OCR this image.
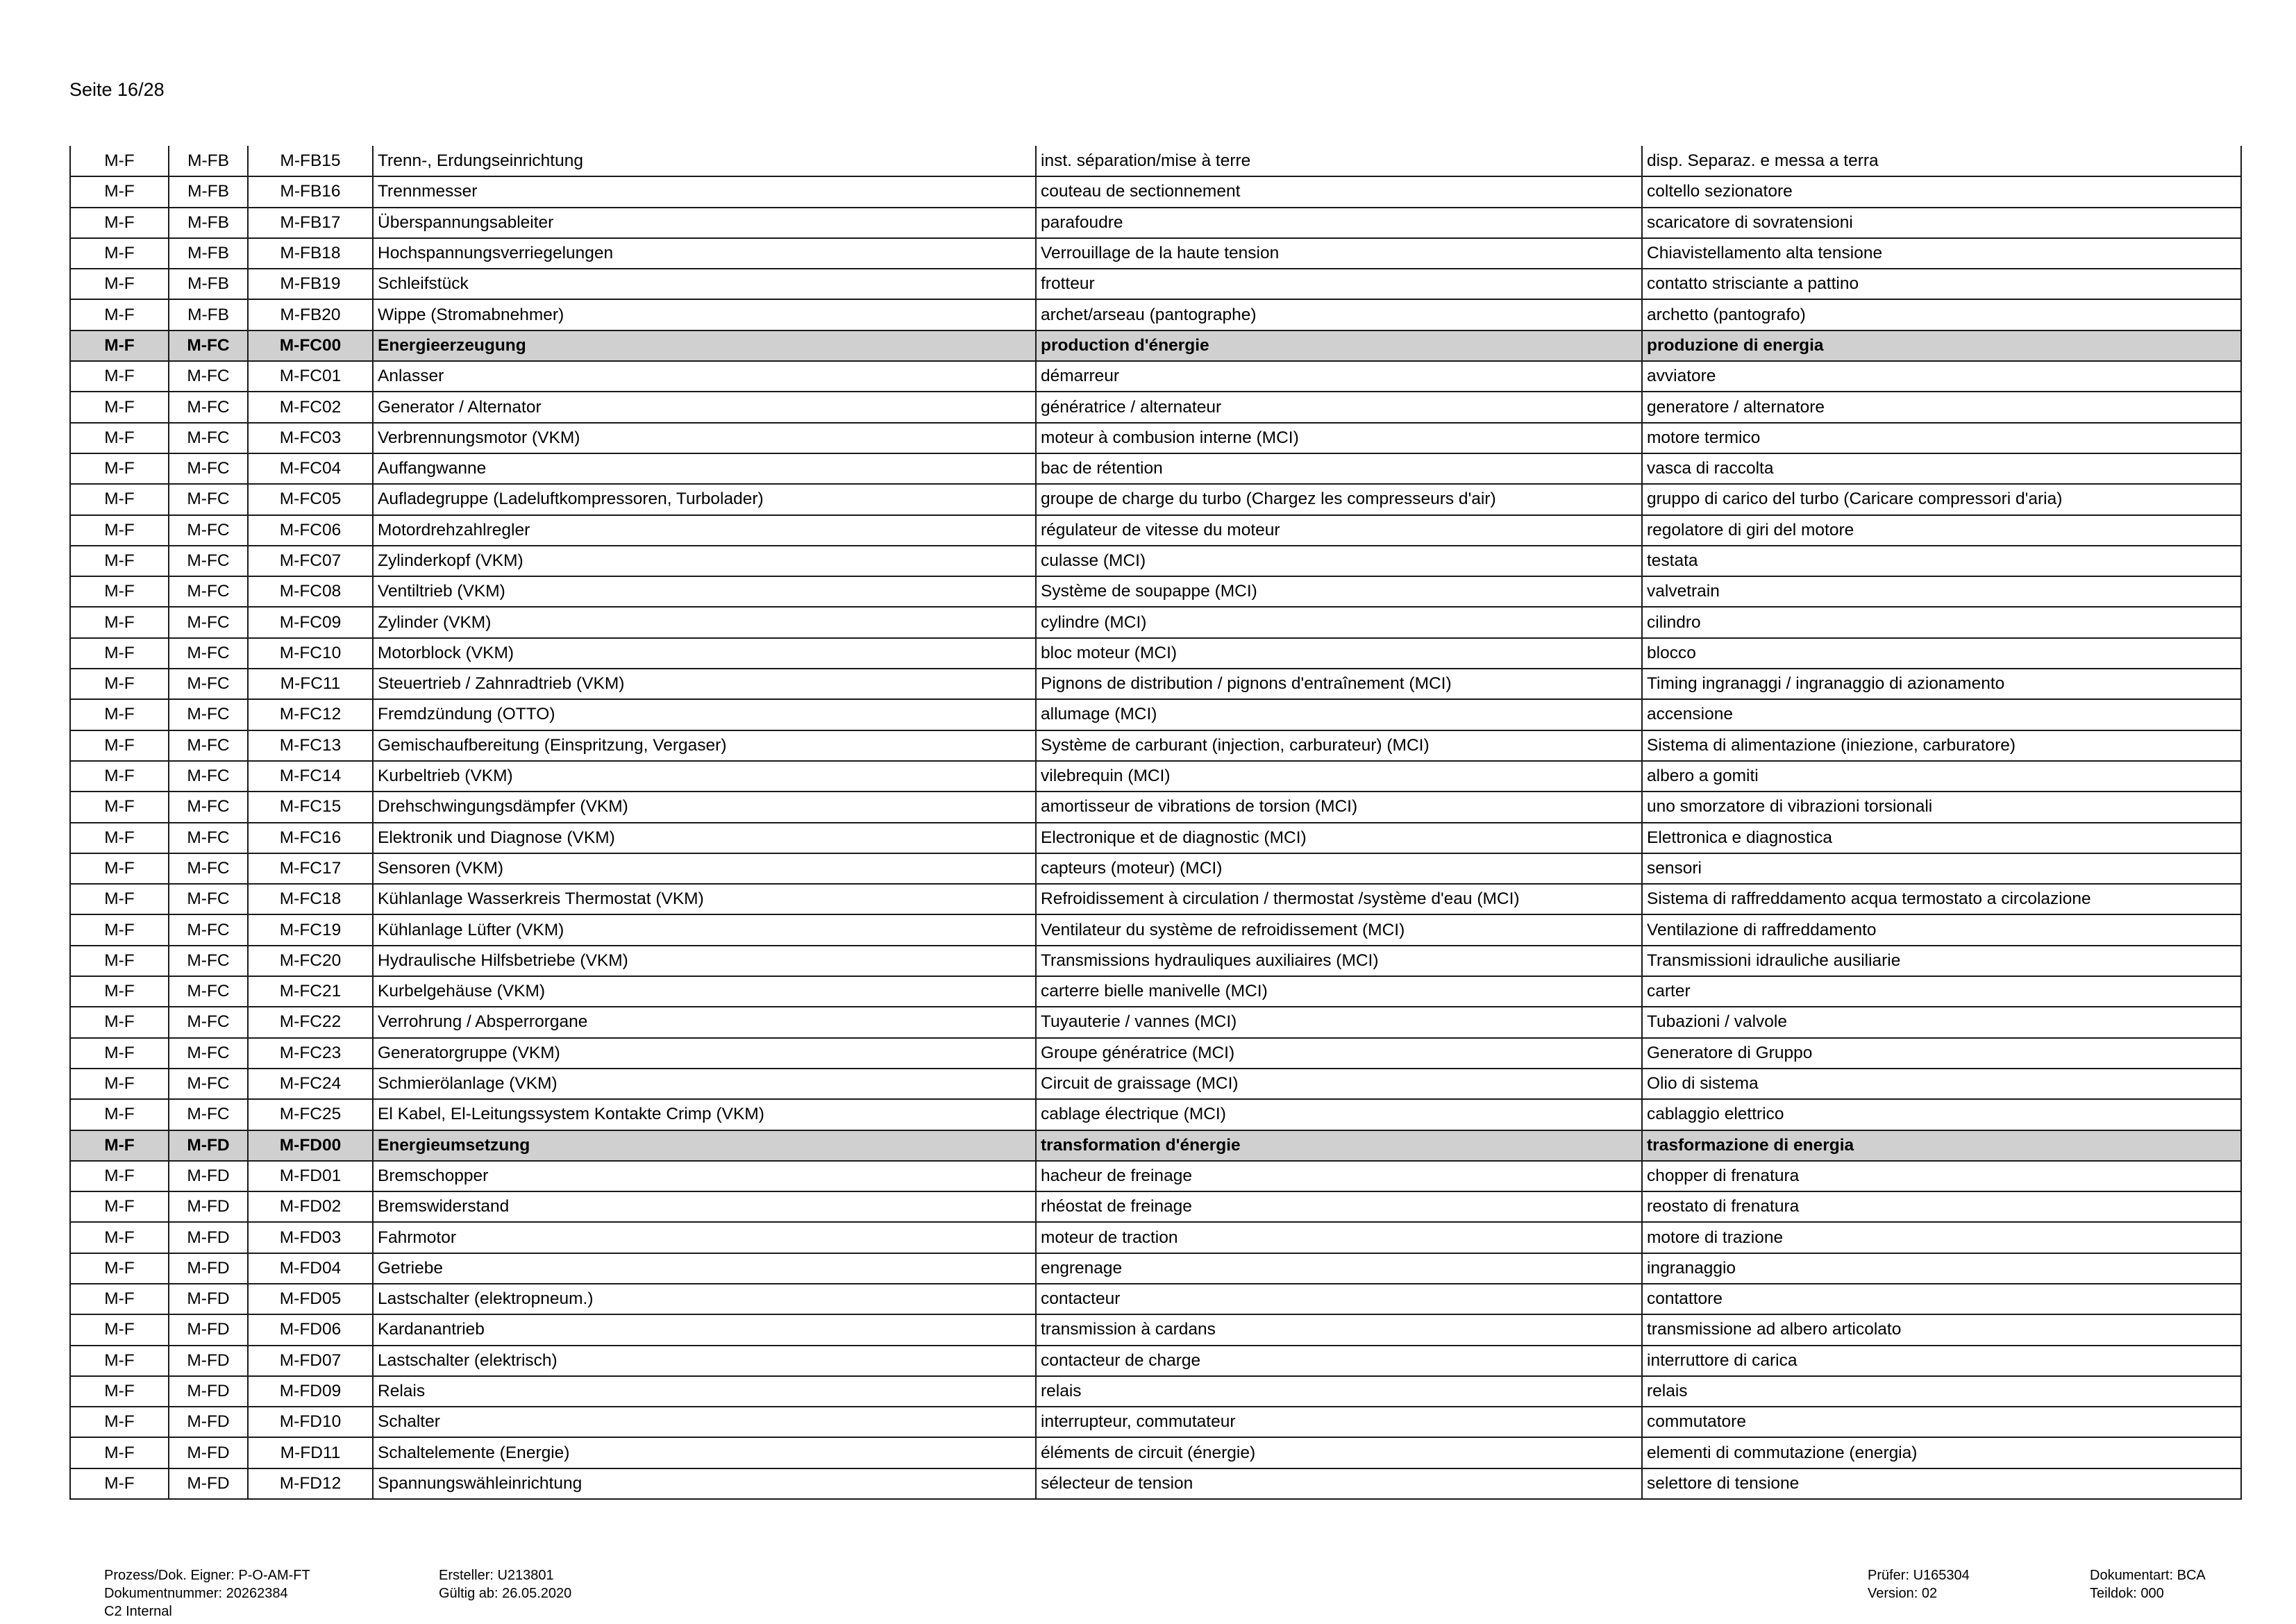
Seite 16/28
M-F	M-FB	M-FB15	Trenn-, Erdungseinrichtung	inst. séparation/mise à terre	disp. Separaz. e messa a terra
M-F	M-FB	M-FB16	Trennmesser	couteau de sectionnement	coltello sezionatore
M-F	M-FB	M-FB17	Überspannungsableiter	parafoudre	scaricatore di sovratensioni
M-F	M-FB	M-FB18	Hochspannungsverriegelungen	Verrouillage de la haute tension	Chiavistellamento alta tensione
M-F	M-FB	M-FB19	Schleifstück	frotteur	contatto strisciante a pattino
M-F	M-FB	M-FB20	Wippe (Stromabnehmer)	archet/arseau (pantographe)	archetto (pantografo)
M-F	M-FC	M-FC00	Energieerzeugung	production d'énergie	produzione di energia
M-F	M-FC	M-FC01	Anlasser	démarreur	avviatore
M-F	M-FC	M-FC02	Generator / Alternator	génératrice / alternateur	generatore / alternatore
M-F	M-FC	M-FC03	Verbrennungsmotor (VKM)	moteur à combusion interne (MCI)	motore termico
M-F	M-FC	M-FC04	Auffangwanne	bac de rétention	vasca di raccolta
M-F	M-FC	M-FC05	Aufladegruppe (Ladeluftkompressoren, Turbolader)	groupe de charge du turbo (Chargez les compresseurs d'air)	gruppo di carico del turbo (Caricare compressori d'aria)
M-F	M-FC	M-FC06	Motordrehzahlregler	régulateur de vitesse du moteur	regolatore di giri del motore
M-F	M-FC	M-FC07	Zylinderkopf (VKM)	culasse (MCI)	testata
M-F	M-FC	M-FC08	Ventiltrieb (VKM)	Système de soupappe (MCI)	valvetrain
M-F	M-FC	M-FC09	Zylinder (VKM)	cylindre (MCI)	cilindro
M-F	M-FC	M-FC10	Motorblock (VKM)	bloc moteur (MCI)	blocco
M-F	M-FC	M-FC11	Steuertrieb / Zahnradtrieb (VKM)	Pignons de distribution / pignons d'entraînement (MCI)	Timing ingranaggi / ingranaggio di azionamento
M-F	M-FC	M-FC12	Fremdzündung (OTTO)	allumage (MCI)	accensione
M-F	M-FC	M-FC13	Gemischaufbereitung (Einspritzung, Vergaser)	Système de carburant (injection, carburateur) (MCI)	Sistema di alimentazione (iniezione, carburatore)
M-F	M-FC	M-FC14	Kurbeltrieb (VKM)	vilebrequin (MCI)	albero a gomiti
M-F	M-FC	M-FC15	Drehschwingungsdämpfer (VKM)	amortisseur de vibrations de torsion (MCI)	uno smorzatore di vibrazioni torsionali
M-F	M-FC	M-FC16	Elektronik und Diagnose (VKM)	Electronique et de diagnostic (MCI)	Elettronica e diagnostica
M-F	M-FC	M-FC17	Sensoren (VKM)	capteurs (moteur) (MCI)	sensori
M-F	M-FC	M-FC18	Kühlanlage Wasserkreis Thermostat (VKM)	Refroidissement à circulation / thermostat /système d'eau (MCI)	Sistema di raffreddamento acqua termostato a circolazione
M-F	M-FC	M-FC19	Kühlanlage Lüfter (VKM)	Ventilateur du système de refroidissement (MCI)	Ventilazione di raffreddamento
M-F	M-FC	M-FC20	Hydraulische Hilfsbetriebe (VKM)	Transmissions hydrauliques auxiliaires (MCI)	Transmissioni idrauliche ausiliarie
M-F	M-FC	M-FC21	Kurbelgehäuse (VKM)	carterre bielle manivelle (MCI)	carter
M-F	M-FC	M-FC22	Verrohrung / Absperrorgane	Tuyauterie / vannes (MCI)	Tubazioni / valvole
M-F	M-FC	M-FC23	Generatorgruppe (VKM)	Groupe génératrice (MCI)	Generatore di Gruppo
M-F	M-FC	M-FC24	Schmierölanlage (VKM)	Circuit de graissage (MCI)	Olio di sistema
M-F	M-FC	M-FC25	El Kabel, El-Leitungssystem Kontakte Crimp (VKM)	cablage électrique (MCI)	cablaggio elettrico
M-F	M-FD	M-FD00	Energieumsetzung	transformation d'énergie	trasformazione di energia
M-F	M-FD	M-FD01	Bremschopper	hacheur de freinage	chopper di frenatura
M-F	M-FD	M-FD02	Bremswiderstand	rhéostat de freinage	reostato di frenatura
M-F	M-FD	M-FD03	Fahrmotor	moteur de traction	motore di trazione
M-F	M-FD	M-FD04	Getriebe	engrenage	ingranaggio
M-F	M-FD	M-FD05	Lastschalter (elektropneum.)	contacteur	contattore
M-F	M-FD	M-FD06	Kardanantrieb	transmission à cardans	transmissione ad albero articolato
M-F	M-FD	M-FD07	Lastschalter (elektrisch)	contacteur de charge	interruttore di carica
M-F	M-FD	M-FD09	Relais	relais	relais
M-F	M-FD	M-FD10	Schalter	interrupteur, commutateur	commutatore
M-F	M-FD	M-FD11	Schaltelemente (Energie)	éléments de circuit (énergie)	elementi di commutazione (energia)
M-F	M-FD	M-FD12	Spannungswähleinrichtung	sélecteur de tension	selettore di tensione
Prozess/Dok. Eigner: P-O-AM-FT
Dokumentnummer: 20262384
C2 Internal
Ersteller: U213801
Gültig ab: 26.05.2020
Prüfer: U165304
Version: 02
Dokumentart: BCA
Teildok: 000
